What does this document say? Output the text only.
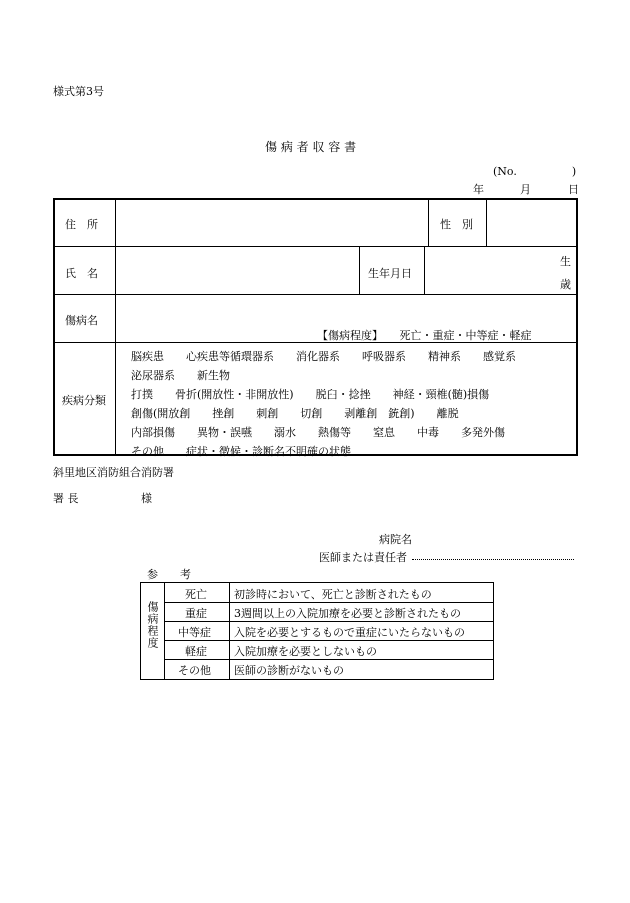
様式第3号
傷 病 者 収 容 書
(No.　　　　　)
年	月	日
住　所	性　別
氏　名	生年月日
生
歳
傷病名
【傷病程度】　　死亡・重症・中等症・軽症
疾病分類
脳疾患　　心疾患等循環器系　　消化器系　　呼吸器系　　精神系　　感覚系
泌尿器系　　新生物
打撲　　骨折(開放性・非開放性)　　脱臼・捻挫　　神経・頸椎(髄)損傷
創傷(開放創　　挫創　　刺創　　切創　　剥離創　銃創)　　離脱
内部損傷　　異物・誤嚥　　溺水　　熱傷等　　窒息　　中毒　　多発外傷
その他　　症状・徴候・診断名不明確の状態
斜里地区消防組合消防署
署 長	様
病院名
医師または責任者
参　　考
傷病程度
死亡 初診時において、死亡と診断されたもの
重症 3週間以上の入院加療を必要と診断されたもの
中等症 入院を必要とするもので重症にいたらないもの
軽症 入院加療を必要としないもの
その他 医師の診断がないもの
